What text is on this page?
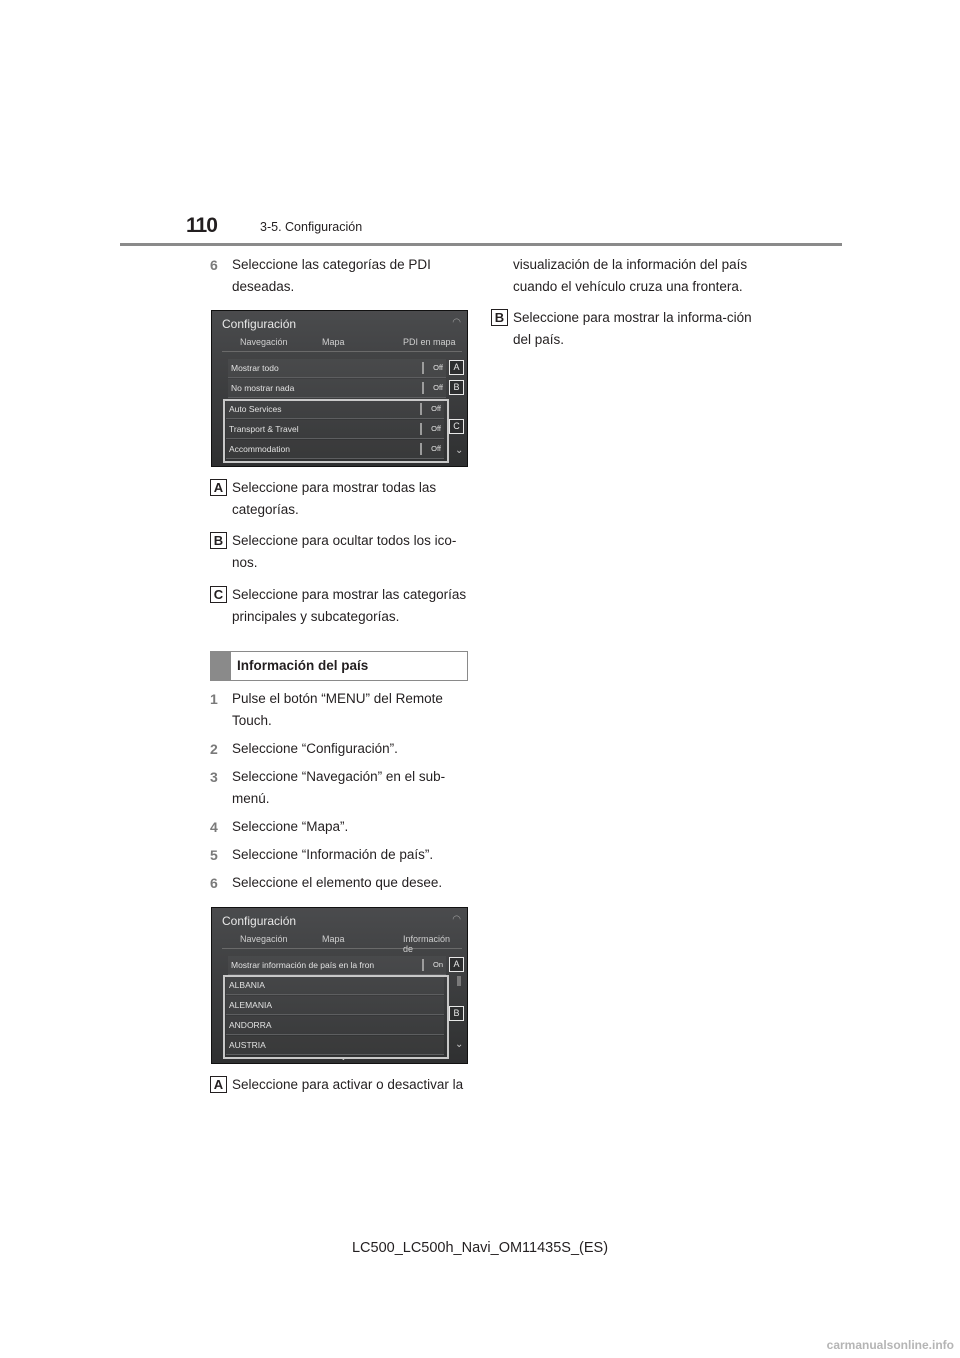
110	3-5. Configuración
6 Seleccione las categorías de PDI deseadas.
Configuración	◠
Navegación	Mapa	PDI en mapa
Mostrar todo	Off
No mostrar nada	Off
Auto Services	Off
Transport & Travel	Off
Accommodation	Off
A
B
C
⌄
⌄
A Seleccione para mostrar todas las categorías.
B Seleccione para ocultar todos los ico-nos.
C Seleccione para mostrar las categorías principales y subcategorías.
Información del país
1 Pulse el botón “MENU” del Remote Touch.
2 Seleccione “Configuración”.
3 Seleccione “Navegación” en el sub-menú.
4 Seleccione “Mapa”.
5 Seleccione “Información de país”.
6 Seleccione el elemento que desee.
Configuración	◠
Navegación	Mapa	Información de
Mostrar información de país en la fron	On
ALBANIA
ALEMANIA
ANDORRA
AUSTRIA
A
B
⌄
⌄
A Seleccione para activar o desactivar la
visualización de la información del país cuando el vehículo cruza una frontera.
B Seleccione para mostrar la informa-ción del país.
LC500_LC500h_Navi_OM11435S_(ES)
carmanualsonline.info
